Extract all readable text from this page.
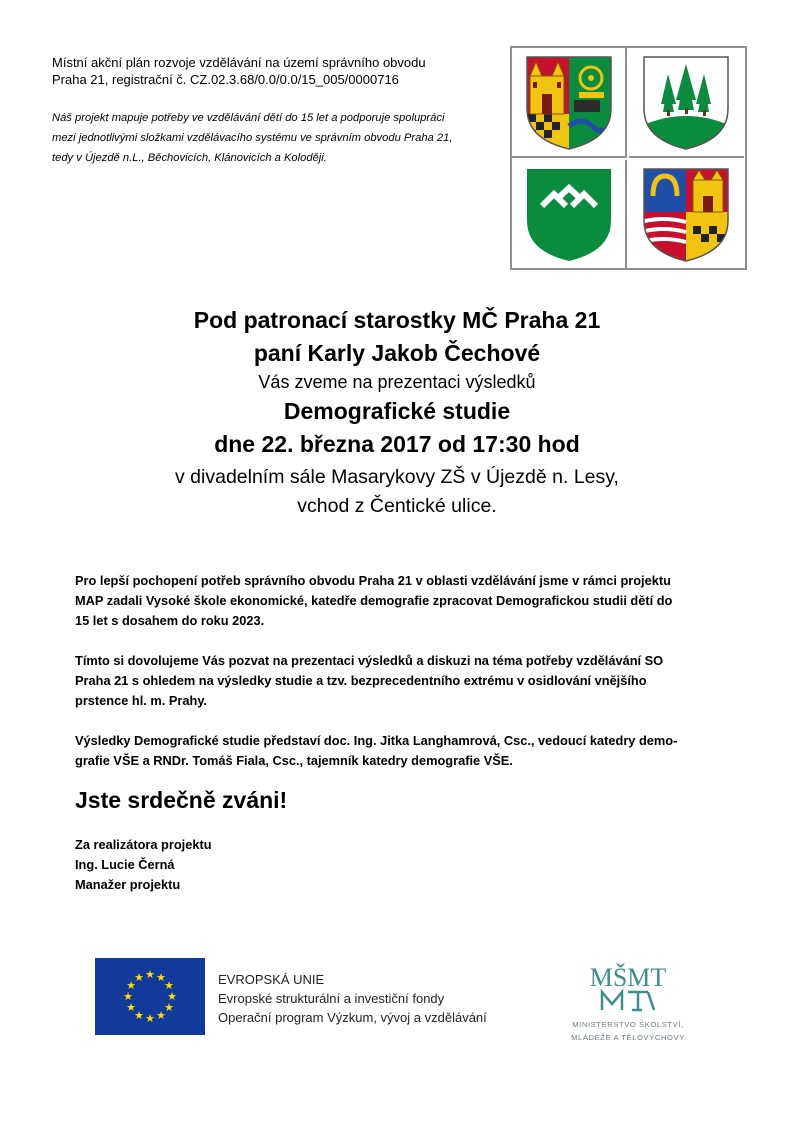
Místní akční plán rozvoje vzdělávání na území správního obvodu

Praha 21, registrační č. CZ.02.3.68/0.0/0.0/15_005/0000716

Náš projekt mapuje potřeby ve vzdělávání dětí do 15 let a podporuje spolupráci
mezi jednotlivými složkami vzdělávacího systému ve správním obvodu Praha 21,
tedy v Újezdě n.L., Běchovicích, Klánovicích a Koloději.
Pod patronací starostky MČ Praha 21
paní Karly Jakob Čechové
Vás zveme na prezentaci výsledků
Demografické studie
dne 22. března 2017 od 17:30 hod
v divadelním sále Masarykovy ZŠ v Újezdě n. Lesy,
vchod z Čentické ulice.

Pro lepší pochopení potřeb správního obvodu Praha 21 v oblasti vzdělávání jsme v rámci projektu
MAP zadali Vysoké škole ekonomické, katedře demografie zpracovat Demografickou studii dětí do
15 let s dosahem do roku 2023.

Tímto si dovolujeme Vás pozvat na prezentaci výsledků a diskuzi na téma potřeby vzdělávání SO
Praha 21 s ohledem na výsledky studie a tzv. bezprecedentního extrému v osidlování vnějšího
prstence hl. m. Prahy.

Výsledky Demografické studie představí doc. Ing. Jitka Langhamrová, Csc., vedoucí katedry demo-
grafie VŠE a RNDr. Tomáš Fiala, Csc., tajemník katedry demografie VŠE.

Jste srdečně zváni!
Za realizátora projektu
Ing. Lucie Černá
Manažer projektu
★ ★
★
★
★
★
★
★
★
★
★
★	EVROPSKÁ UNIE
Evropské strukturální a investiční fondy
Operační program Výzkum, vývoj a vzdělávání
MŠMT
MINISTERSTVO ŠKOLSTVÍ,
MLÁDEŽE A TĚLOVÝCHOVY
